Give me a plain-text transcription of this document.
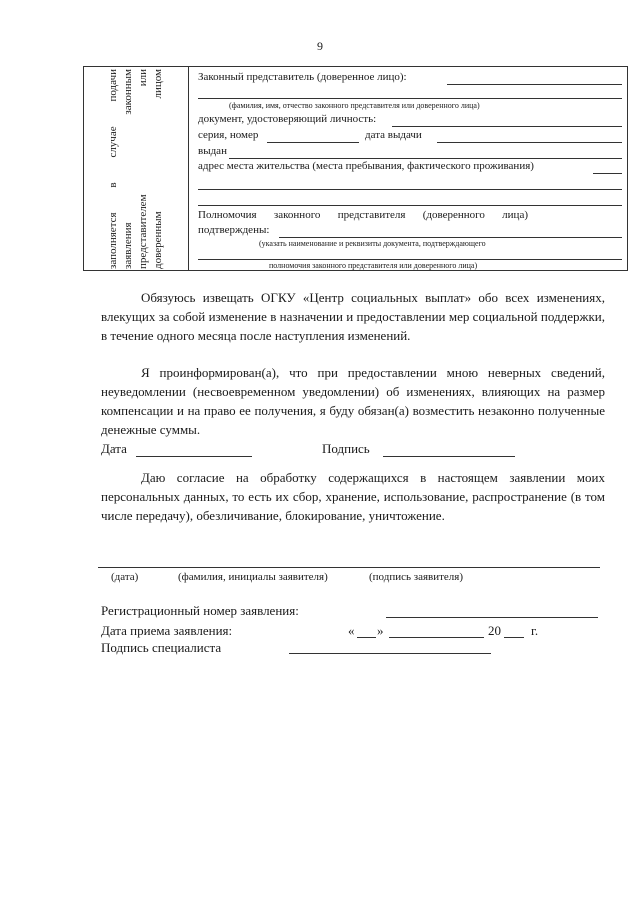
9
заполняется в случае подачи заявления законным представителем или доверенным лицом	Законный представитель (доверенное лицо):
(фамилия, имя, отчество законного представителя или доверенного лица)
документ, удостоверяющий личность:
серия, номер	дата выдачи
выдан
адрес места жительства (места пребывания, фактического проживания)
Полномочия законного представителя (доверенного лица)
подтверждены:
(указать наименование и реквизиты документа, подтверждающего
полномочия законного представителя или доверенного лица)
Обязуюсь извещать ОГКУ «Центр социальных выплат» обо всех изменениях, влекущих за собой изменение в назначении и предоставлении мер социальной поддержки, в течение одного месяца после наступления изменений.
Я проинформирован(а), что при предоставлении мною неверных сведений, неуведомлении (несвоевременном уведомлении) об изменениях, влияющих на размер компенсации и на право ее получения, я буду обязан(а) возместить незаконно полученные денежные суммы.
Дата	Подпись
Даю согласие на обработку содержащихся в настоящем заявлении моих персональных данных, то есть их сбор, хранение, использование, распространение (в том числе передачу), обезличивание, блокирование, уничтожение.
(дата)	(фамилия, инициалы заявителя)	(подпись заявителя)
Регистрационный номер заявления:
Дата приема заявления:	« »	20 г.
Подпись специалиста
